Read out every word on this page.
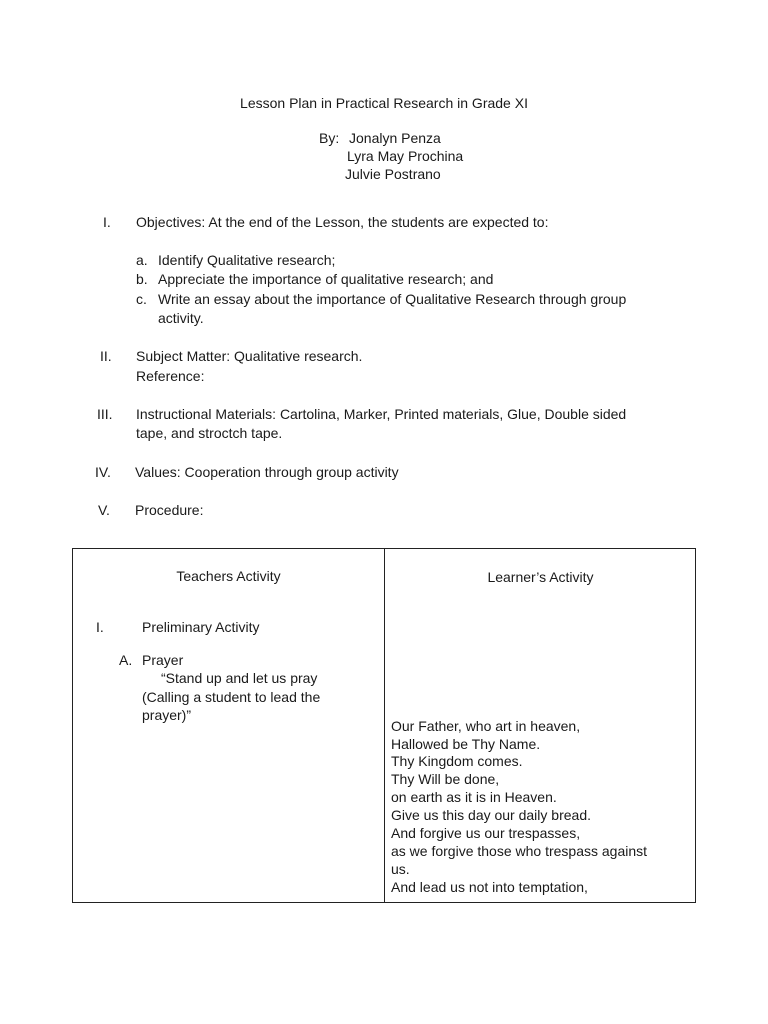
Lesson Plan in Practical Research in Grade XI
By: Jonalyn Penza
Lyra May Prochina
Julvie Postrano
I. Objectives: At the end of the Lesson, the students are expected to:
a. Identify Qualitative research;
b. Appreciate the importance of qualitative research; and
c. Write an essay about the importance of Qualitative Research through group
activity.
II. Subject Matter: Qualitative research.
Reference:
III. Instructional Materials: Cartolina, Marker, Printed materials, Glue, Double sided
tape, and stroctch tape.
IV. Values: Cooperation through group activity
V. Procedure:
Teachers Activity
I.	Preliminary Activity
A. Prayer
“Stand up and let us pray
(Calling a student to lead the
prayer)”
Learner’s Activity
Our Father, who art in heaven,
Hallowed be Thy Name.
Thy Kingdom comes.
Thy Will be done,
on earth as it is in Heaven.
Give us this day our daily bread.
And forgive us our trespasses,
as we forgive those who trespass against
us.
And lead us not into temptation,
